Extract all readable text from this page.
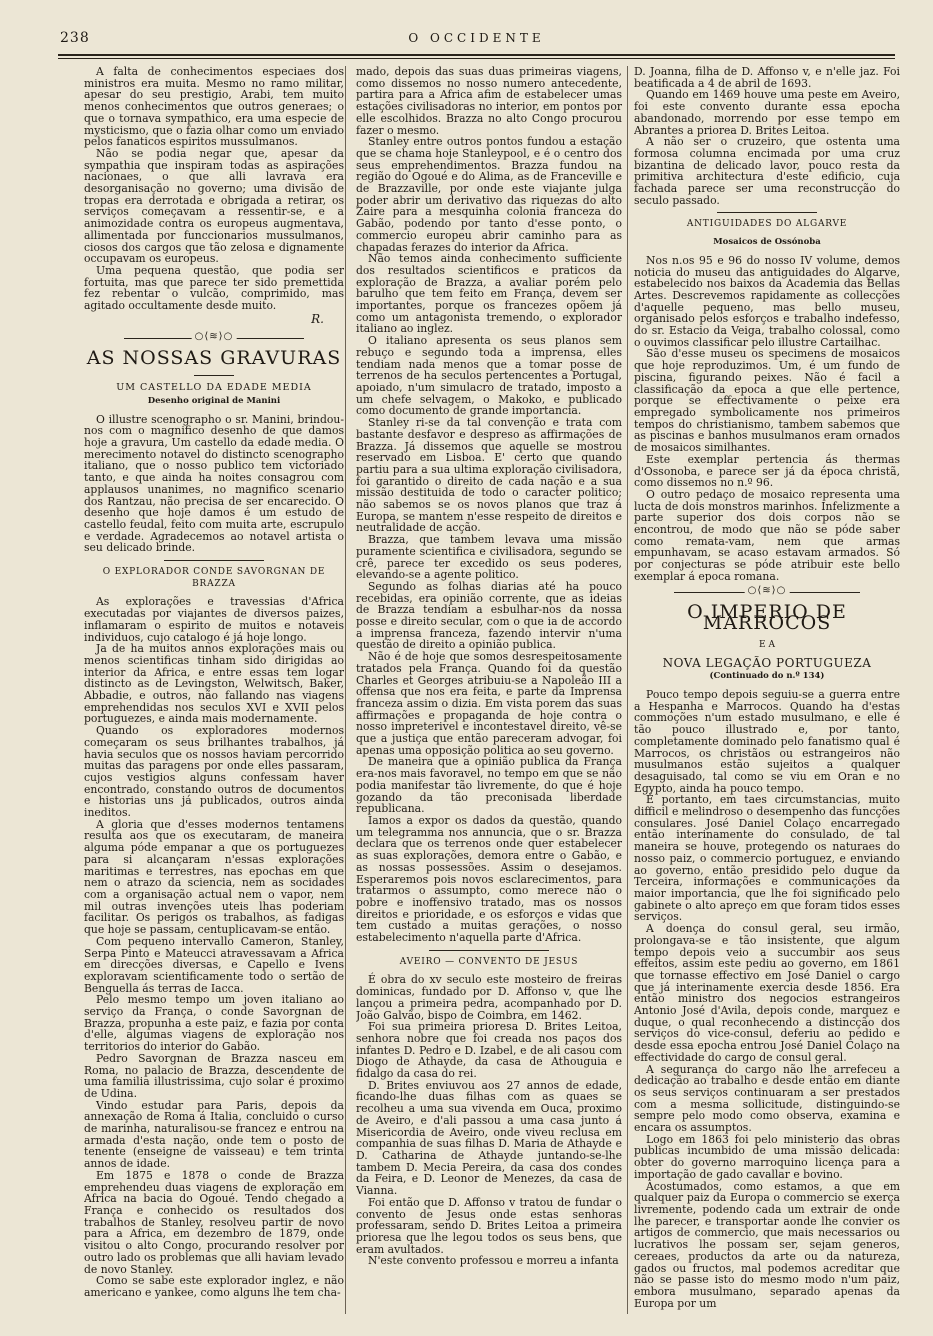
238	O OCCIDENTE

A falta de conhecimentos especiaes dos ministros era muita. Mesmo no ramo militar, apesar do seu prestigio, Arabi, tem muito menos conhecimentos que outros generaes; o que o tornava sympathico, era uma especie de mysticismo, que o fazia olhar como um enviado pelos fanaticos espiritos mussulmanos.

Não se podia negar que, apesar da sympathia que inspiram todas as aspirações nacionaes, o que alli lavrava era desorganisação no governo; uma divisão de tropas era derrotada e obrigada a retirar, os serviços começavam a ressentir-se, e a animozidade contra os europeus augmentava, allimentada por funccionarios mussulmanos, ciosos dos cargos que tão zelosa e dignamente occupavam os europeus.

Uma pequena questão, que podia ser fortuita, mas que parece ter sido premettida fez rebentar o vulcão, comprimido, mas agitado occultamente desde muito.

R.
○⟨≋⟩○
AS NOSSAS GRAVURAS
UM CASTELLO DA EDADE MEDIA
Desenho original de Manini

O illustre scenographo o sr. Manini, brindou-nos com o magnifico desenho de que damos hoje a gravura, Um castello da edade media. O merecimento notavel do distincto scenographo italiano, que o nosso publico tem victoriado tanto, e que ainda ha noites consagrou com applausos unanimes, no magnifico scenario dos Rantzau, não precisa de ser encarecido. O desenho que hoje damos é um estudo de castello feudal, feito com muita arte, escrupulo e verdade. Agradecemos ao notavel artista o seu delicado brinde.

O EXPLORADOR CONDE SAVORGNAN DE BRAZZA

As explorações e travessias d'Africa executadas por viajantes de diversos paizes, inflamaram o espirito de muitos e notaveis individuos, cujo catalogo é já hoje longo.

Ja de ha muitos annos explorações mais ou menos scientificas tinham sido dirigidas ao interior da Africa, e entre essas tem logar distincto as de Levingston, Welwitsch, Baker, Abbadie, e outros, não fallando nas viagens emprehendidas nos seculos XVI e XVII pelos portuguezes, e ainda mais modernamente.

Quando os exploradores modernos começaram os seus brilhantes trabalhos, já havia seculos que os nossos haviam percorrido muitas das paragens por onde elles passaram, cujos vestigios alguns confessam haver encontrado, constando outros de documentos e historias uns já publicados, outros ainda ineditos.

A gloria que d'esses modernos tentamens resulta aos que os executaram, de maneira alguma póde empanar a que os portuguezes para si alcançaram n'essas explorações maritimas e terrestres, nas epochas em que nem o atrazo da sciencia, nem as socidades com a organisação actual nem o vapor, nem mil outras invenções uteis lhas poderiam facilitar. Os perigos os trabalhos, as fadigas que hoje se passam, centuplicavam-se então.

Com pequeno intervallo Cameron, Stanley, Serpa Pinto e Mateucci atravessavam a Africa em direcções diversas, e Capello e Ivens exploravam scientificamente todo o sertão de Benguella ás terras de Iacca.

Pelo mesmo tempo um joven italiano ao serviço da França, o conde Savorgnan de Brazza, propunha a este paiz, e fazia por conta d'elle, algumas viagens de exploração nos territorios do interior do Gabão.

Pedro Savorgnan de Brazza nasceu em Roma, no palacio de Brazza, descendente de uma familia illustrissima, cujo solar é proximo de Udina.

Vindo estudar para Paris, depois da annexação de Roma á Italia, concluido o curso de marinha, naturalisou-se francez e entrou na armada d'esta nação, onde tem o posto de tenente (enseigne de vaisseau) e tem trinta annos de idade.

Em 1875 e 1878 o conde de Brazza emprehendeu duas viagens de exploração em Africa na bacia do Ogoué. Tendo chegado a França e conhecido os resultados dos trabalhos de Stanley, resolveu partir de novo para a Africa, em dezembro de 1879, onde visitou o alto Congo, procurando resolver por outro lado os problemas que alli haviam levado de novo Stanley.

Como se sabe este explorador inglez, e não americano e yankee, como alguns lhe tem cha-

mado, depois das suas duas primeiras viagens, como dissemos no nosso numero antecedente, partira para a Africa afim de estabelecer umas estações civilisadoras no interior, em pontos por elle escolhidos. Brazza no alto Congo procurou fazer o mesmo.

Stanley entre outros pontos fundou a estação que se chama hoje Stanleypool, e é o centro dos seus emprehendimentos. Brazza fundou na região do Ogoué e do Alima, as de Franceville e de Brazzaville, por onde este viajante julga poder abrir um derivativo das riquezas do alto Zaire para a mesquinha colonia franceza do Gabão, podendo por tanto d'esse ponto, o commercio europeu abrir caminho para as chapadas ferazes do interior da Africa.

Não temos ainda conhecimento sufficiente dos resultados scientificos e praticos da exploração de Brazza, a avaliar porém pelo barulho que tem feito em França, devem ser importantes, porque os francezes opõem já como um antagonista tremendo, o explorador italiano ao inglez.

O italiano apresenta os seus planos sem rebuço e segundo toda a imprensa, elles tendiam nada menos que a tomar posse de terrenos de ha seculos pertencentes a Portugal, apoiado, n'um simulacro de tratado, imposto a um chefe selvagem, o Makoko, e publicado como documento de grande importancia.

Stanley ri-se da tal convenção e trata com bastante desfavor e despreso as affirmações de Brazza. Já dissemos que aquelle se mostrou reservado em Lisboa. E' certo que quando partiu para a sua ultima exploração civilisadora, foi garantido o direito de cada nação e a sua missão destituida de todo o caracter politico; não sabemos se os novos planos que traz á Europa, se mantem n'esse respeito de direitos e neutralidade de acção.

Brazza, que tambem levava uma missão puramente scientifica e civilisadora, segundo se crê, parece ter excedido os seus poderes, elevando-se a agente politico.

Segundo as folhas diarias até ha pouco recebidas, era opinião corrente, que as ideias de Brazza tendiam a esbulhar-nos da nossa posse e direito secular, com o que ia de accordo a imprensa franceza, fazendo intervir n'uma questão de direito a opinião publica.

Não é de hoje que somos desrespeitosamente tratados pela França. Quando foi da questão Charles et Georges atribuiu-se a Napoleão III a offensa que nos era feita, e parte da Imprensa franceza assim o dizia. Em vista porem das suas affirmações e propaganda de hoje contra o nosso impreterivel e incontestavel direito, vê-se que a justiça que então pareceram advogar, foi apenas uma opposição politica ao seu governo.

De maneira que a opinião publica da França era-nos mais favoravel, no tempo em que se não podia manifestar tão livremente, do que é hoje gozando da tão preconisada liberdade republicana.

Iamos a expor os dados da questão, quando um telegramma nos annuncia, que o sr. Brazza declara que os terrenos onde quer estabelecer as suas explorações, demora entre o Gabão, e as nossas possessões. Assim o desejamos. Esperaremos pois novos esclarecimentos, para tratarmos o assumpto, como merece não o pobre e inoffensivo tratado, mas os nossos direitos e prioridade, e os esforços e vidas que tem custado a muitas gerações, o nosso estabelecimento n'aquella parte d'Africa.

AVEIRO — CONVENTO DE JESUS

É obra do xv seculo este mosteiro de freiras dominicas, fundado por D. Affonso v, que lhe lançou a primeira pedra, acompanhado por D. João Galvão, bispo de Coimbra, em 1462.

Foi sua primeira prioresa D. Brites Leitoa, senhora nobre que foi creada nos paços dos infantes D. Pedro e D. Izabel, e de ali casou com Diogo de Athayde, da casa de Athouguia e fidalgo da casa do rei.

D. Brites enviuvou aos 27 annos de edade, ficando-lhe duas filhas com as quaes se recolheu a uma sua vivenda em Ouca, proximo de Aveiro, e d'ali passou a uma casa junto á Misericordia de Aveiro, onde viveu reclusa em companhia de suas filhas D. Maria de Athayde e D. Catharina de Athayde juntando-se-lhe tambem D. Mecia Pereira, da casa dos condes da Feira, e D. Leonor de Menezes, da casa de Vianna.

Foi então que D. Affonso v tratou de fundar o convento de Jesus onde estas senhoras professaram, sendo D. Brites Leitoa a primeira prioresa que lhe legou todos os seus bens, que eram avultados.

N'este convento professou e morreu a infanta

D. Joanna, filha de D. Affonso v, e n'elle jaz. Foi beatificada a 4 de abril de 1693.

Quando em 1469 houve uma peste em Aveiro, foi este convento durante essa epocha abandonado, morrendo por esse tempo em Abrantes a priorea D. Brites Leitoa.

A não ser o cruzeiro, que ostenta uma formosa columna encimada por uma cruz bizantina de delicado lavor, pouco resta da primitiva architectura d'este edificio, cuja fachada parece ser uma reconstrucção do seculo passado.

ANTIGUIDADES DO ALGARVE
Mosaicos de Ossónoba

Nos n.os 95 e 96 do nosso IV volume, demos noticia do museu das antiguidades do Algarve, estabelecido nos baixos da Academia das Bellas Artes. Descrevemos rapidamente as collecções d'aquelle pequeno, mas bello museu, organisado pelos esforços e trabalho indefesso, do sr. Estacio da Veiga, trabalho colossal, como o ouvimos classificar pelo illustre Cartailhac.

São d'esse museu os specimens de mosaicos que hoje reproduzimos. Um, é um fundo de piscina, figurando peixes. Não é facil a classificação da epoca a que elle pertence, porque se effectivamente o peixe era empregado symbolicamente nos primeiros tempos do christianismo, tambem sabemos que as piscinas e banhos musulmanos eram ornados de mosaicos similhantes.

Este exemplar pertencia ás thermas d'Ossonoba, e parece ser já da época christã, como dissemos no n.º 96.

O outro pedaço de mosaico representa uma lucta de dois monstros marinhos. Infelizmente a parte superior dos dois corpos não se encontrou, de modo que não se póde saber como remata-vam, nem que armas empunhavam, se acaso estavam armados. Só por conjecturas se póde atribuir este bello exemplar á epoca romana.

○⟨≋⟩○
O IMPERIO DE MARROCOS
E A
NOVA LEGAÇÃO PORTUGUEZA
(Continuado do n.º 134)

Pouco tempo depois seguiu-se a guerra entre a Hespanha e Marrocos. Quando ha d'estas commoções n'um estado musulmano, e elle é tão pouco illustrado e, por tanto, completamente dominado pelo fanatismo qual é Marrocos, os christãos ou estrangeiros não musulmanos estão sujeitos a qualquer desaguisado, tal como se viu em Oran e no Egypto, ainda ha pouco tempo.

É portanto, em taes circumstancias, muito difficil e melindroso o desempenho das funcções consulares. José Daniel Colaço encarregado então interinamente do consulado, de tal maneira se houve, protegendo os naturaes do nosso paiz, o commercio portuguez, e enviando ao governo, então presidido pelo duque da Terceira, informações e communicações da maior importancia, que lhe foi significado pelo gabinete o alto apreço em que foram tidos esses serviços.

A doença do consul geral, seu irmão, prolongava-se e tão insistente, que algum tempo depois veio a succumbir aos seus effeitos, assim este pediu ao governo, em 1861 que tornasse effectivo em José Daniel o cargo que já interinamente exercia desde 1856. Era então ministro dos negocios estrangeiros Antonio José d'Avila, depois conde, marquez e duque, o qual reconhecendo a distincção dos serviços do vice-consul, deferiu ao pedido e desde essa epocha entrou José Daniel Colaço na effectividade do cargo de consul geral.

A segurança do cargo não lhe arrefeceu a dedicação ao trabalho e desde então em diante os seus serviços continuaram a ser prestados com a mesma sollicitude, distinguindo-se sempre pelo modo como observa, examina e encara os assumptos.

Logo em 1863 foi pelo ministerio das obras publicas incumbido de uma missão delicada: obter do governo marroquino licença para a importação de gado cavallar e bovino.

Acostumados, como estamos, a que em qualquer paiz da Europa o commercio se exerça livremente, podendo cada um extrair de onde lhe parecer, e transportar aonde lhe convier os artigos de commercio, que mais necessarios ou lucrativos lhe possam ser, sejam generos, cereaes, productos da arte ou da natureza, gados ou fructos, mal podemos acreditar que não se passe isto do mesmo modo n'um paiz, embora musulmano, separado apenas da Europa por um
